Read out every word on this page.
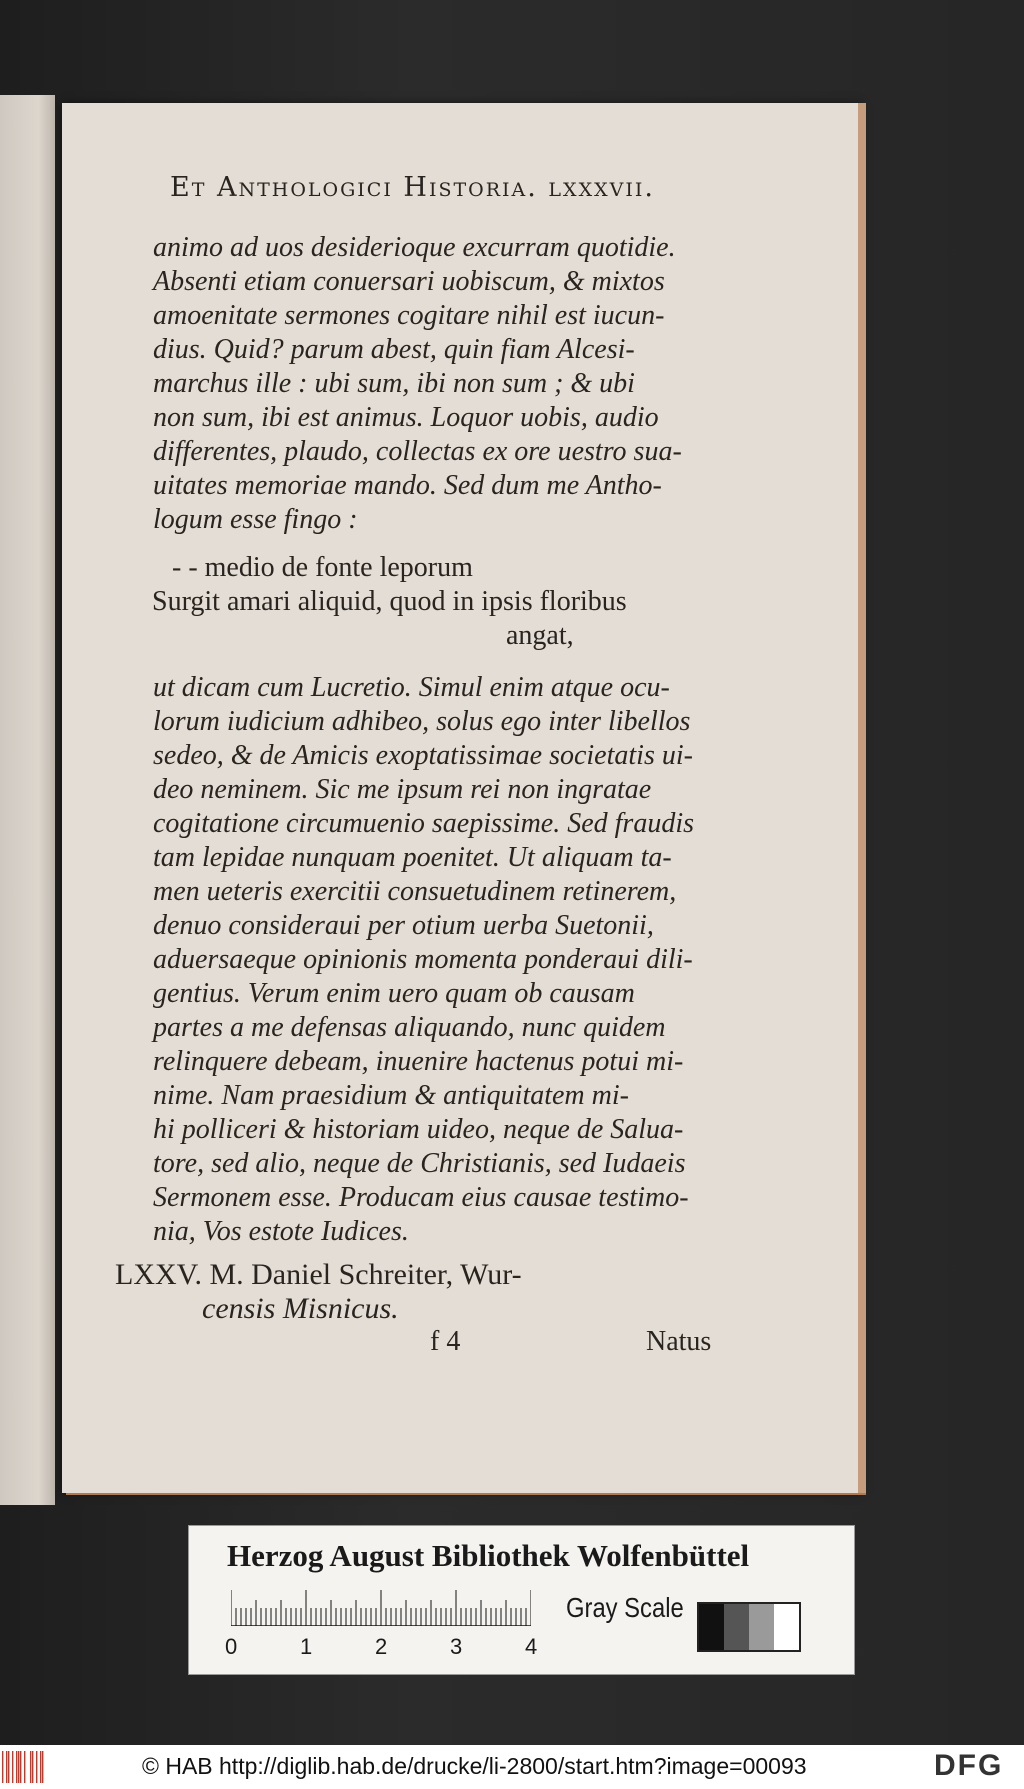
Et Anthologici Historia. lxxxvii.
animo ad uos desiderioque excurram quotidie.
Absenti etiam conuersari uobiscum, & mixtos
amoenitate sermones cogitare nihil est iucun-
dius. Quid? parum abest, quin fiam Alcesi-
marchus ille : ubi sum, ibi non sum ; & ubi
non sum, ibi est animus. Loquor uobis, audio
differentes, plaudo, collectas ex ore uestro sua-
uitates memoriae mando. Sed dum me Antho-
logum esse fingo :
- - medio de fonte leporum
Surgit amari aliquid, quod in ipsis floribus
angat,
ut dicam cum Lucretio. Simul enim atque ocu-
lorum iudicium adhibeo, solus ego inter libellos
sedeo, & de Amicis exoptatissimae societatis ui-
deo neminem. Sic me ipsum rei non ingratae
cogitatione circumuenio saepissime. Sed fraudis
tam lepidae nunquam poenitet. Ut aliquam ta-
men ueteris exercitii consuetudinem retinerem,
denuo consideraui per otium uerba Suetonii,
aduersaeque opinionis momenta ponderaui dili-
gentius. Verum enim uero quam ob causam
partes a me defensas aliquando, nunc quidem
relinquere debeam, inuenire hactenus potui mi-
nime. Nam praesidium & antiquitatem mi-
hi polliceri & historiam uideo, neque de Salua-
tore, sed alio, neque de Christianis, sed Iudaeis
Sermonem esse. Producam eius causae testimo-
nia, Vos estote Iudices.
LXXV. M. Daniel Schreiter, Wur-
censis Misnicus.
f 4	Natus
Herzog August Bibliothek Wolfenbüttel
0	1	2	3	4
Gray Scale
© HAB http://diglib.hab.de/drucke/li-2800/start.htm?image=00093	DFG
